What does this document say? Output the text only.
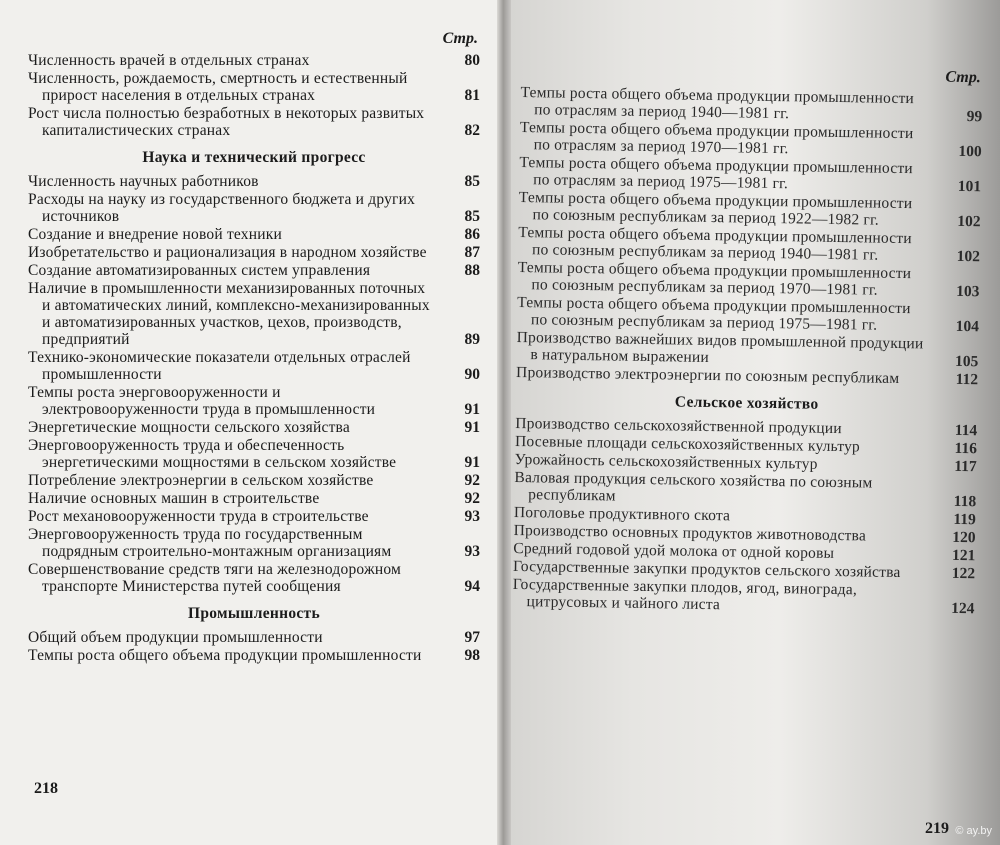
Стр.
Численность врачей в отдельных странах	80
Численность, рождаемость, смертность и естественный прирост населения в отдельных странах	81
Рост числа полностью безработных в некоторых развитых капиталистических странах	82
Наука и технический прогресс
Численность научных работников	85
Расходы на науку из государственного бюджета и других источников	85
Создание и внедрение новой техники	86
Изобретательство и рационализация в народном хозяйстве	87
Создание автоматизированных систем управления	88
Наличие в промышленности механизированных поточных и автоматических линий, комплексно-механизированных и автоматизированных участков, цехов, производств, предприятий	89
Технико-экономические показатели отдельных отраслей промышленности	90
Темпы роста энерговооруженности и электровооруженности труда в промышленности	91
Энергетические мощности сельского хозяйства	91
Энерговооруженность труда и обеспеченность энергетическими мощностями в сельском хозяйстве	91
Потребление электроэнергии в сельском хозяйстве	92
Наличие основных машин в строительстве	92
Рост механовооруженности труда в строительстве	93
Энерговооруженность труда по государственным подрядным строительно-монтажным организациям	93
Совершенствование средств тяги на железнодорожном транспорте Министерства путей сообщения	94
Промышленность
Общий объем продукции промышленности	97
Темпы роста общего объема продукции промышленности	98
218
Стр.
Темпы роста общего объема продукции промышленности по отраслям за период 1940—1981 гг.	99
Темпы роста общего объема продукции промышленности по отраслям за период 1970—1981 гг.	100
Темпы роста общего объема продукции промышленности по отраслям за период 1975—1981 гг.	101
Темпы роста общего объема продукции промышленности по союзным республикам за период 1922—1982 гг.	102
Темпы роста общего объема продукции промышленности по союзным республикам за период 1940—1981 гг.	102
Темпы роста общего объема продукции промышленности по союзным республикам за период 1970—1981 гг.	103
Темпы роста общего объема продукции промышленности по союзным республикам за период 1975—1981 гг.	104
Производство важнейших видов промышленной продукции в натуральном выражении	105
Производство электроэнергии по союзным республикам	112
Сельское хозяйство
Производство сельскохозяйственной продукции	114
Посевные площади сельскохозяйственных культур	116
Урожайность сельскохозяйственных культур	117
Валовая продукция сельского хозяйства по союзным республикам	118
Поголовье продуктивного скота	119
Производство основных продуктов животноводства	120
Средний годовой удой молока от одной коровы	121
Государственные закупки продуктов сельского хозяйства	122
Государственные закупки плодов, ягод, винограда, цитрусовых и чайного листа	124
219 © ay.by
